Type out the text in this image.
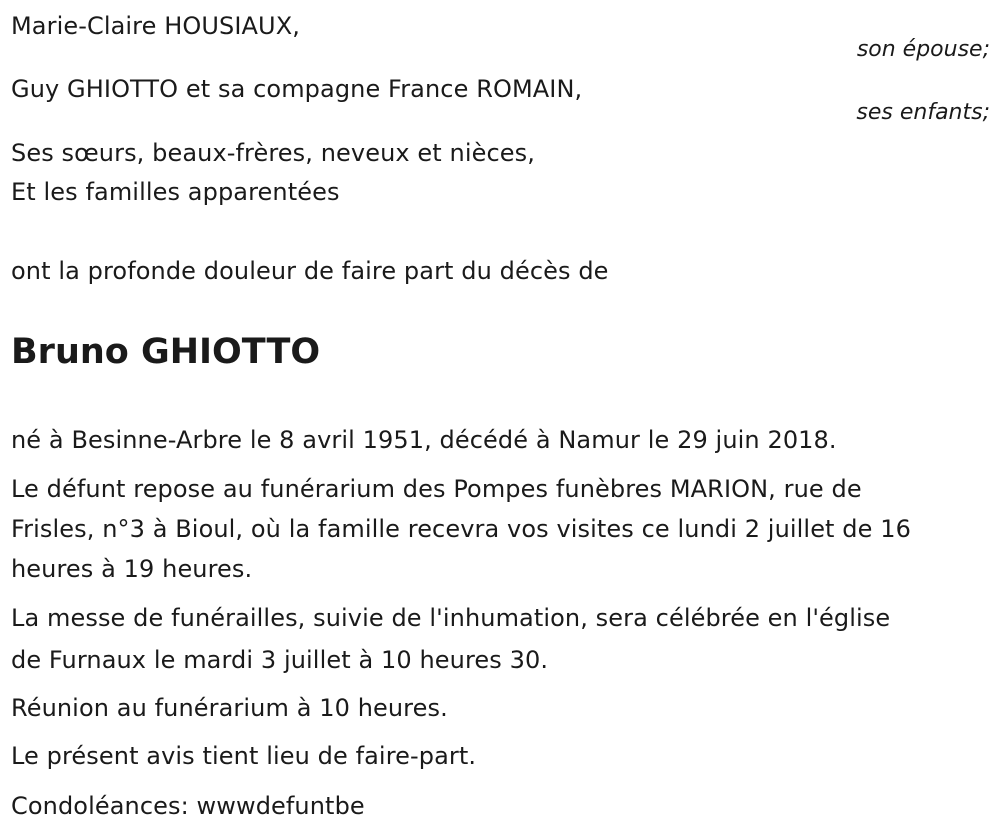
Marie-Claire HOUSIAUX,
son épouse;
Guy GHIOTTO et sa compagne France ROMAIN,
ses enfants;
Ses sœurs, beaux-frères, neveux et nièces,
Et les familles apparentées
ont la profonde douleur de faire part du décès de
Bruno GHIOTTO
né à Besinne-Arbre le 8 avril 1951, décédé à Namur le 29 juin 2018.
Le défunt repose au funérarium des Pompes funèbres MARION, rue de
Frisles, n°3 à Bioul, où la famille recevra vos visites ce lundi 2 juillet de 16
heures à 19 heures.
La messe de funérailles, suivie de l'inhumation, sera célébrée en l'église
de Furnaux le mardi 3 juillet à 10 heures 30.
Réunion au funérarium à 10 heures.
Le présent avis tient lieu de faire-part.
Condoléances: wwwdefuntbe
